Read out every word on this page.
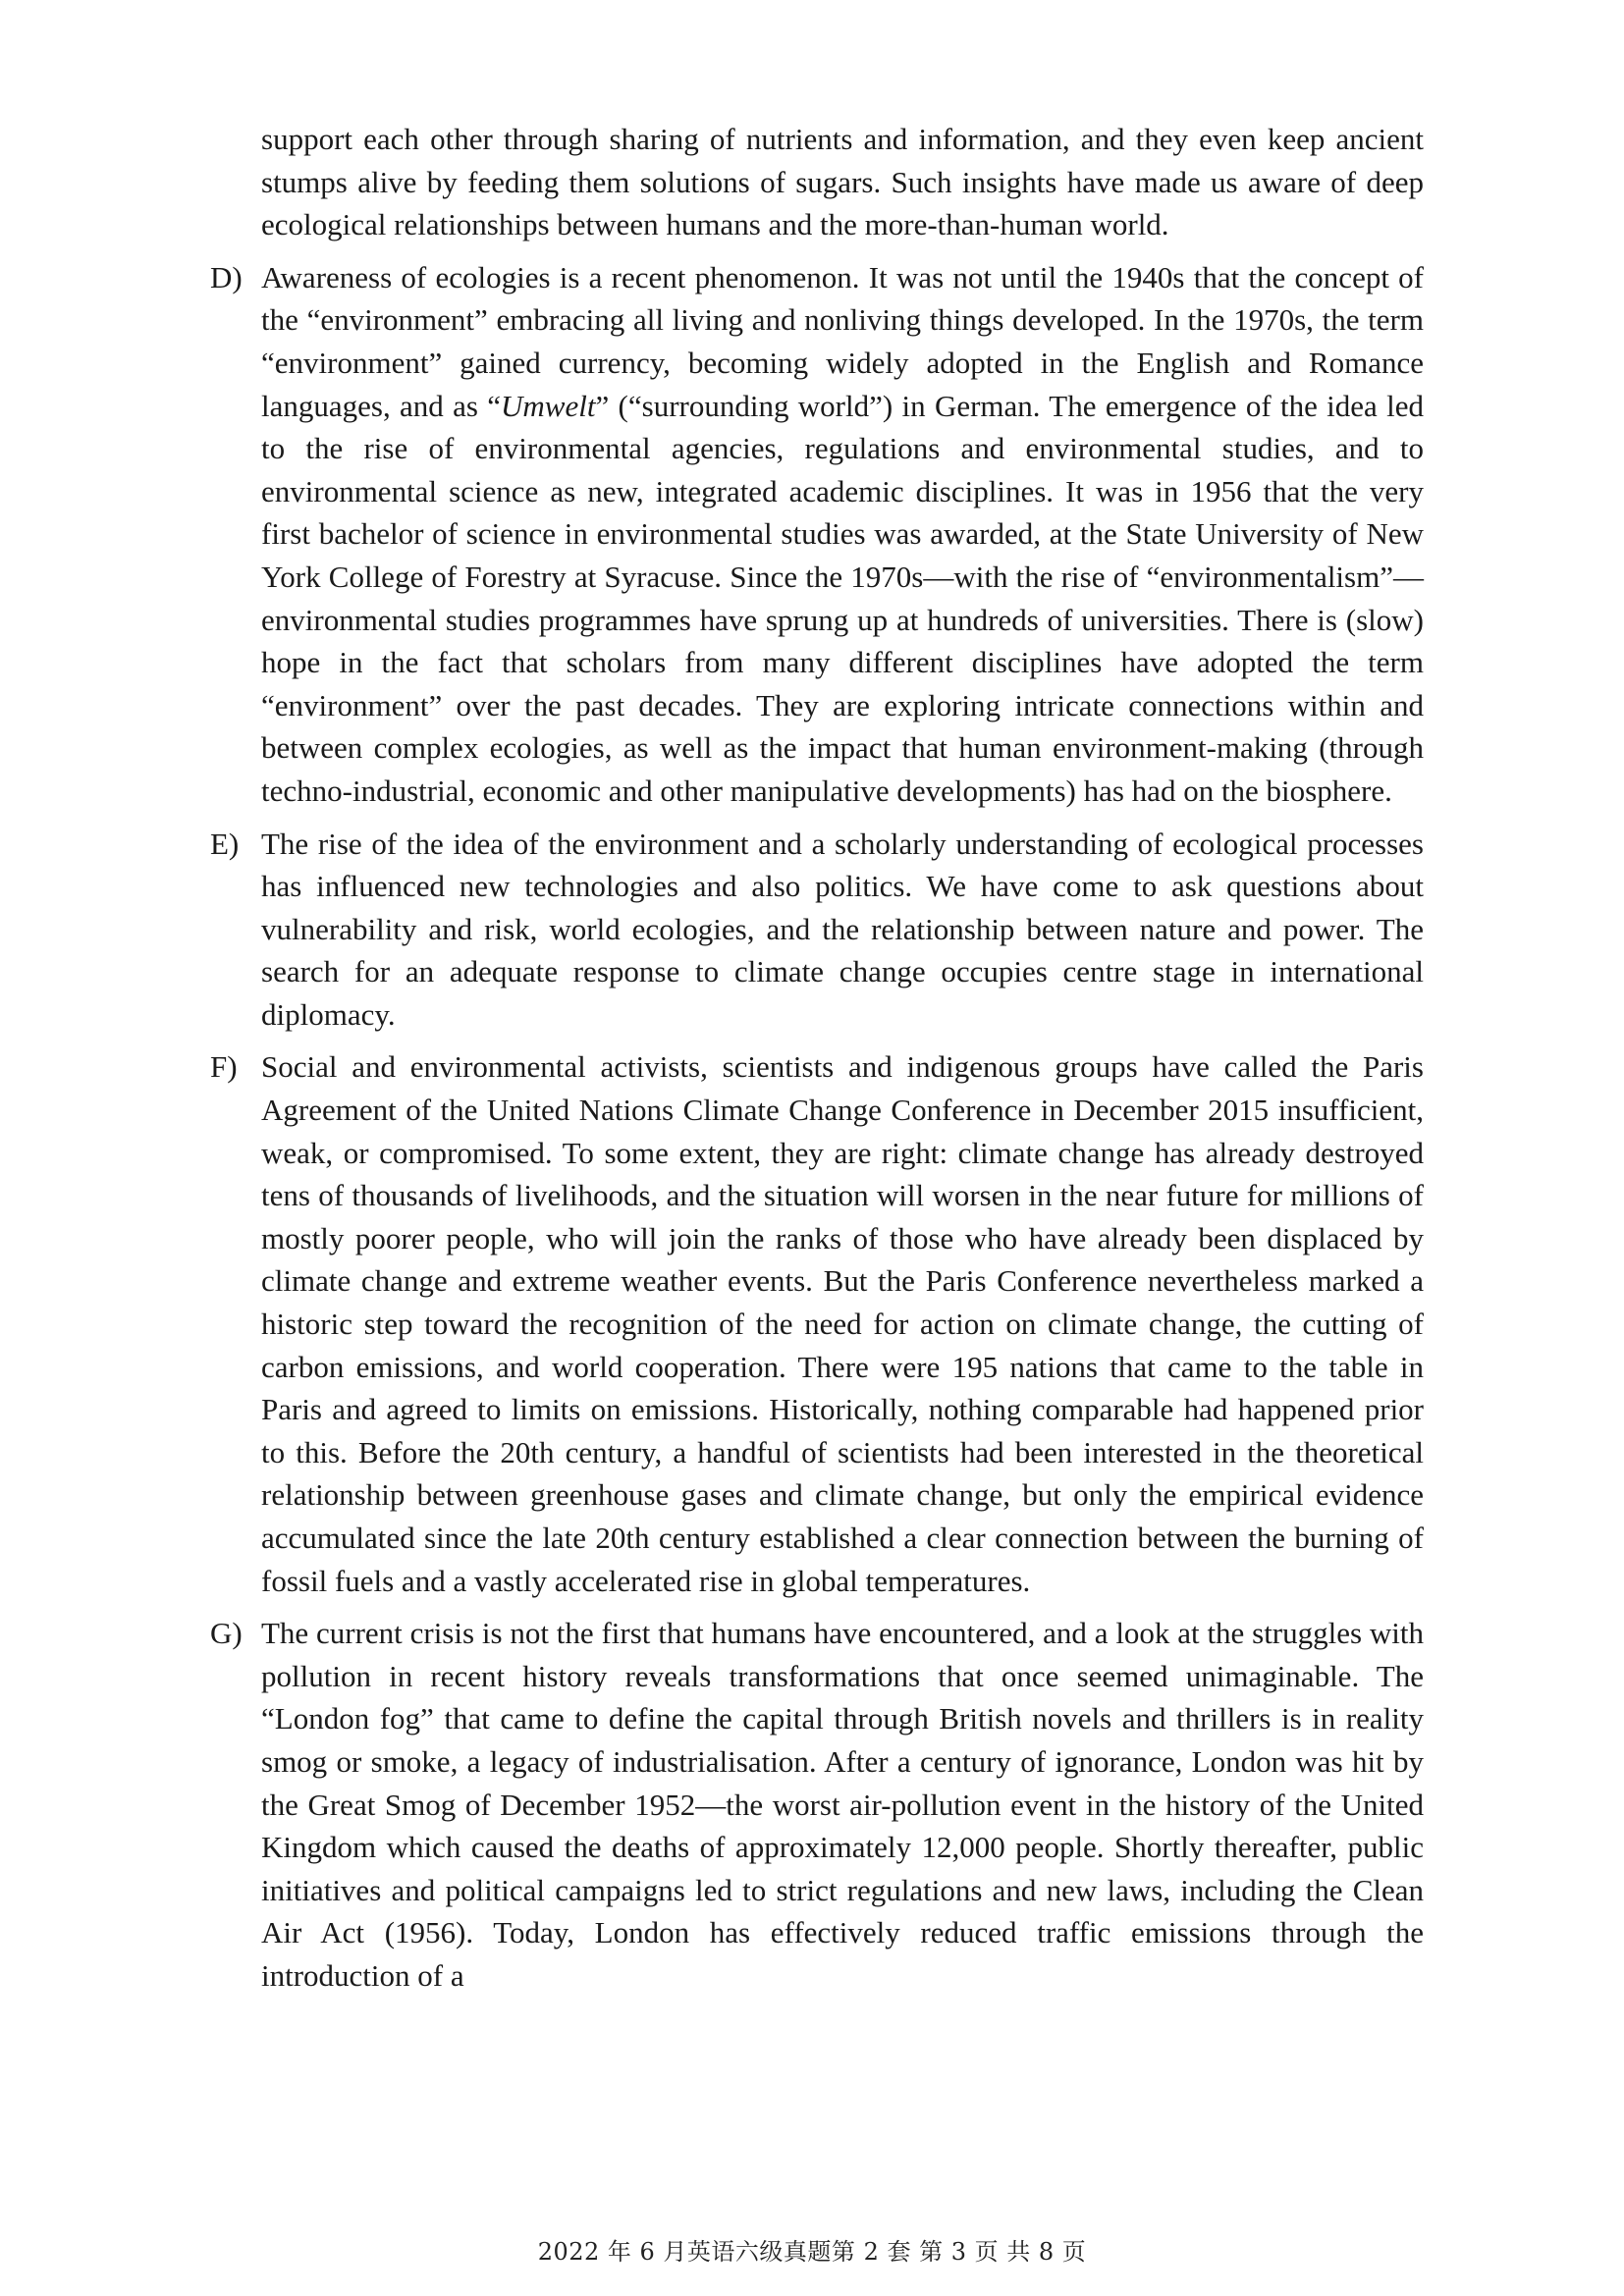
support each other through sharing of nutrients and information, and they even keep ancient stumps alive by feeding them solutions of sugars. Such insights have made us aware of deep ecological relationships between humans and the more-than-human world.
D) Awareness of ecologies is a recent phenomenon. It was not until the 1940s that the concept of the “environment” embracing all living and nonliving things developed. In the 1970s, the term “environment” gained currency, becoming widely adopted in the English and Romance languages, and as “Umwelt” (“surrounding world”) in German. The emergence of the idea led to the rise of environmental agencies, regulations and environmental studies, and to environmental science as new, integrated academic disciplines. It was in 1956 that the very first bachelor of science in environmental studies was awarded, at the State University of New York College of Forestry at Syracuse. Since the 1970s—with the rise of “environmentalism”—environmental studies programmes have sprung up at hundreds of universities. There is (slow) hope in the fact that scholars from many different disciplines have adopted the term “environment” over the past decades. They are exploring intricate connections within and between complex ecologies, as well as the impact that human environment-making (through techno-industrial, economic and other manipulative developments) has had on the biosphere.
E) The rise of the idea of the environment and a scholarly understanding of ecological processes has influenced new technologies and also politics. We have come to ask questions about vulnerability and risk, world ecologies, and the relationship between nature and power. The search for an adequate response to climate change occupies centre stage in international diplomacy.
F) Social and environmental activists, scientists and indigenous groups have called the Paris Agreement of the United Nations Climate Change Conference in December 2015 insufficient, weak, or compromised. To some extent, they are right: climate change has already destroyed tens of thousands of livelihoods, and the situation will worsen in the near future for millions of mostly poorer people, who will join the ranks of those who have already been displaced by climate change and extreme weather events. But the Paris Conference nevertheless marked a historic step toward the recognition of the need for action on climate change, the cutting of carbon emissions, and world cooperation. There were 195 nations that came to the table in Paris and agreed to limits on emissions. Historically, nothing comparable had happened prior to this. Before the 20th century, a handful of scientists had been interested in the theoretical relationship between greenhouse gases and climate change, but only the empirical evidence accumulated since the late 20th century established a clear connection between the burning of fossil fuels and a vastly accelerated rise in global temperatures.
G) The current crisis is not the first that humans have encountered, and a look at the struggles with pollution in recent history reveals transformations that once seemed unimaginable. The “London fog” that came to define the capital through British novels and thrillers is in reality smog or smoke, a legacy of industrialisation. After a century of ignorance, London was hit by the Great Smog of December 1952—the worst air-pollution event in the history of the United Kingdom which caused the deaths of approximately 12,000 people. Shortly thereafter, public initiatives and political campaigns led to strict regulations and new laws, including the Clean Air Act (1956). Today, London has effectively reduced traffic emissions through the introduction of a
2022 年 6 月英语六级真题第 2 套 第 3 页 共 8 页
